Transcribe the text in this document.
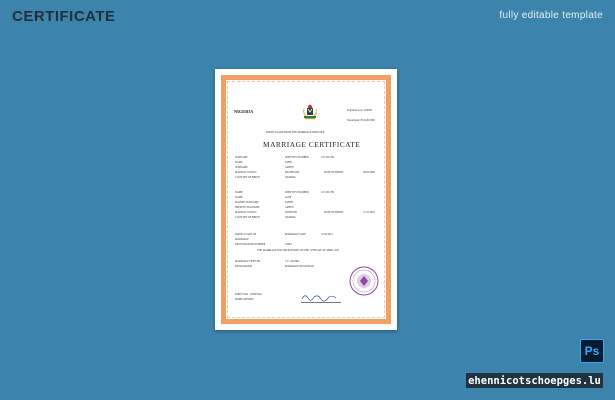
CERTIFICATE	fully editable template
NIGERIA	Registration no: 000000
Department: ECZ2019388
PARTICULARS FROM THE MARRIAGE REGISTER
MARRIAGE CERTIFICATE
SURNAME	IDENTITY NUMBER	123 456 789
NAME	JOHN
SURNAME	GREEN
MARITAL STATUS	BACHELOR	DATE OF BIRTH	09/03/1990
COUNTRY OF BIRTH	NIGERIA
NAME	IDENTITY NUMBER	123 456 789
NAME	JANE
MAIDEN SURNAME	SMITH
PRESENT SURNAME	GREEN
MARITAL STATUS	SPINSTER	DATE OF BIRTH	11/03/1992
COUNTRY OF BIRTH	NIGERIA
PARTICULARS OF	MARRIAGE DATE	12/04/2021
MARRIAGE
REGISTRATION NUMBER	72884
THE MARRIAGE WAS REGISTERED ON THE 12TH DAY OF APRIL 2021
MARRIAGE OFFICER	J. E. OKORO
DESIGNATION	MARRIAGE REGISTRAR
DIRECTOR - GENERAL
HOME AFFAIRS
Ps
ehennicotschoepges.lu
